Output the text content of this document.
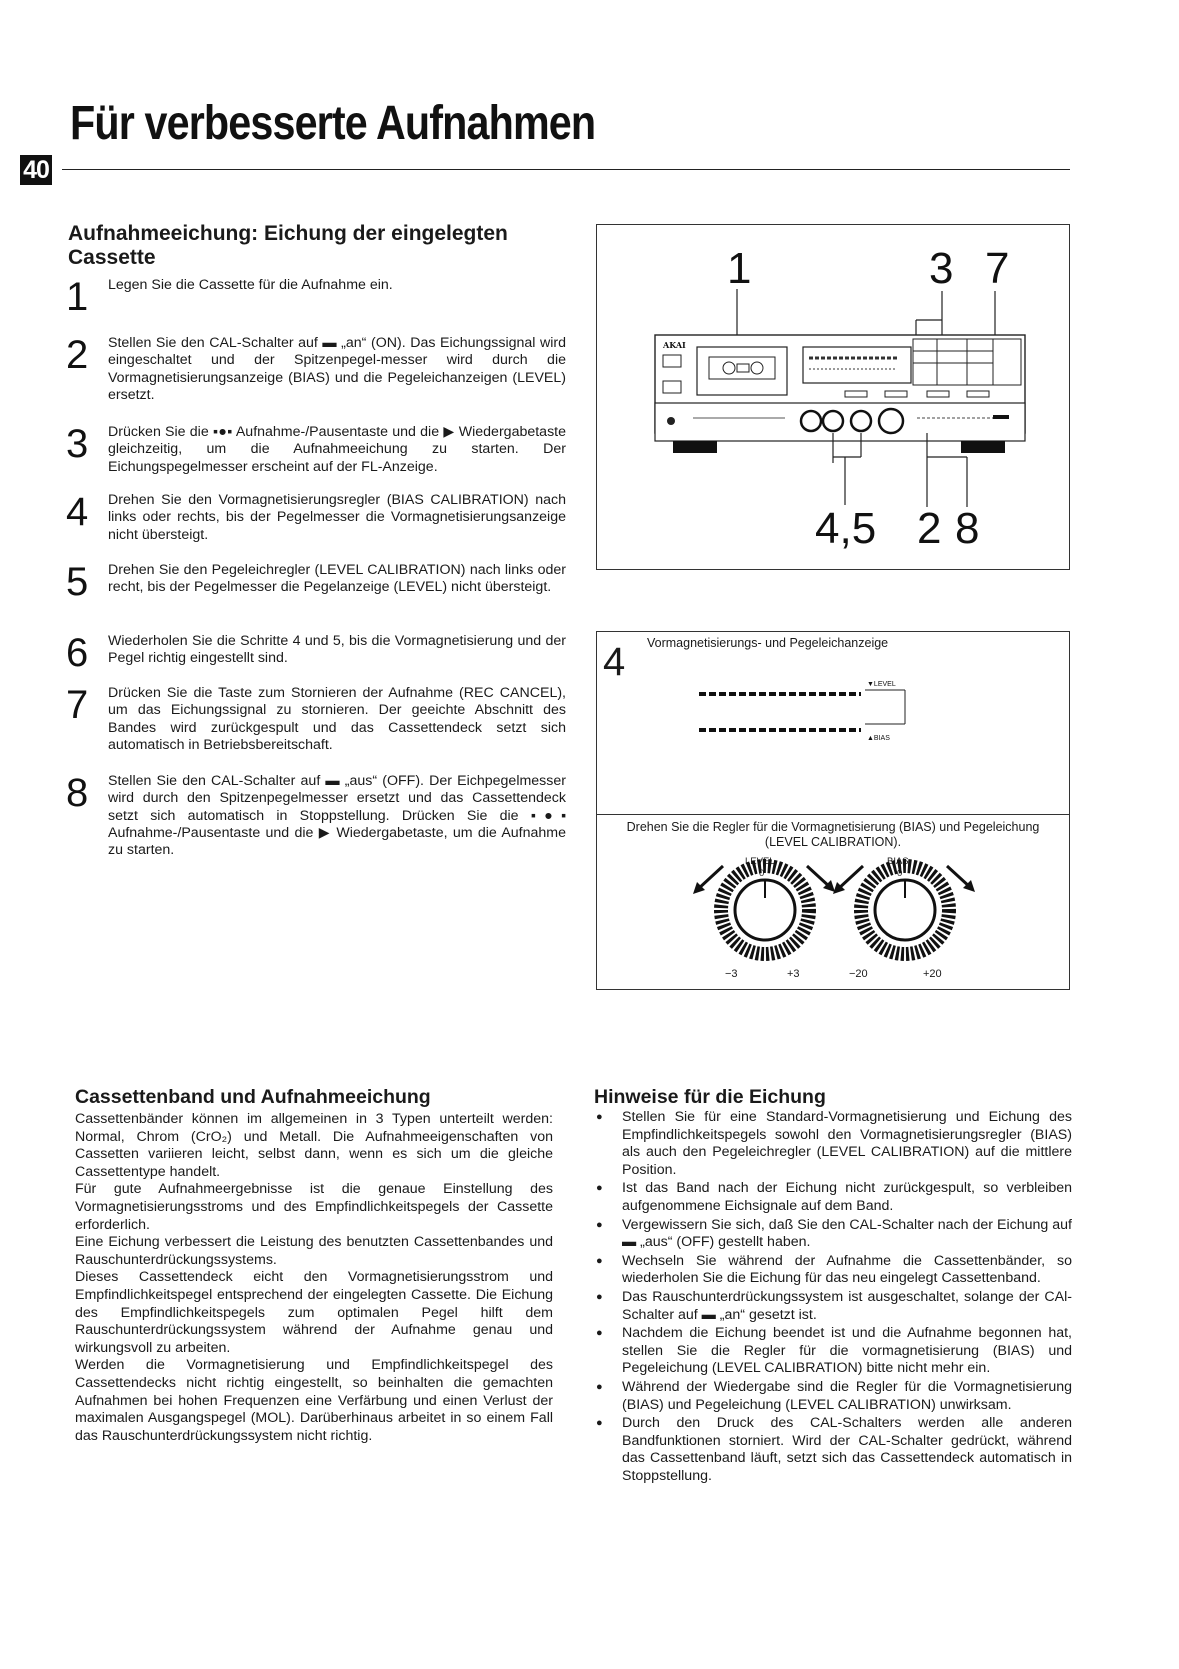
Für verbesserte Aufnahmen
40
Aufnahmeeichung: Eichung der eingelegten Cassette
1 Legen Sie die Cassette für die Aufnahme ein.
2 Stellen Sie den CAL-Schalter auf ▬ „an“ (ON). Das Eichungssignal wird eingeschaltet und der Spitzenpegel-messer wird durch die Vormagnetisierungsanzeige (BIAS) und die Pegeleichanzeigen (LEVEL) ersetzt.
3 Drücken Sie die ▪●▪ Aufnahme-/Pausentaste und die ▶ Wiedergabetaste gleichzeitig, um die Aufnahmeeichung zu starten. Der Eichungspegelmesser erscheint auf der FL-Anzeige.
4 Drehen Sie den Vormagnetisierungsregler (BIAS CALIBRATION) nach links oder rechts, bis der Pegelmesser die Vormagnetisierungsanzeige nicht übersteigt.
5 Drehen Sie den Pegeleichregler (LEVEL CALIBRATION) nach links oder recht, bis der Pegelmesser die Pegelanzeige (LEVEL) nicht übersteigt.
6 Wiederholen Sie die Schritte 4 und 5, bis die Vormagnetisierung und der Pegel richtig eingestellt sind.
7 Drücken Sie die Taste zum Stornieren der Aufnahme (REC CANCEL), um das Eichungssignal zu stornieren. Der geeichte Abschnitt des Bandes wird zurückgespult und das Cassettendeck setzt sich automatisch in Betriebsbereitschaft.
8 Stellen Sie den CAL-Schalter auf ▬ „aus“ (OFF). Der Eichpegelmesser wird durch den Spitzenpegelmesser ersetzt und das Cassettendeck setzt sich automatisch in Stoppstellung. Drücken Sie die ▪●▪ Aufnahme-/Pausentaste und die ▶ Wiedergabetaste, um die Aufnahme zu starten.
1	3 7
4,5 2 8
AKAI
4 Vormagnetisierungs- und Pegeleichanzeige
▼LEVEL
▲BIAS
Drehen Sie die Regler für die Vormagnetisierung (BIAS) und Pegeleichung (LEVEL CALIBRATION).
LEVEL	BIAS
0	0
−3	+3	−20	+20
Cassettenband und Aufnahmeeichung

Cassettenbänder können im allgemeinen in 3 Typen unterteilt werden: Normal, Chrom (CrO₂) und Metall. Die Aufnahmeeigenschaften von Cassetten variieren leicht, selbst dann, wenn es sich um die gleiche Cassettentype handelt.

Für gute Aufnahmeergebnisse ist die genaue Einstellung des Vormagnetisierungsstroms und des Empfindlichkeitspegels der Cassette erforderlich.

Eine Eichung verbessert die Leistung des benutzten Cassettenbandes und Rauschunterdrückungssystems.

Dieses Cassettendeck eicht den Vormagnetisierungsstrom und Empfindlichkeitspegel entsprechend der eingelegten Cassette. Die Eichung des Empfindlichkeitspegels zum optimalen Pegel hilft dem Rauschunterdrückungssystem während der Aufnahme genau und wirkungsvoll zu arbeiten.

Werden die Vormagnetisierung und Empfindlichkeitspegel des Cassettendecks nicht richtig eingestellt, so beinhalten die gemachten Aufnahmen bei hohen Frequenzen eine Verfärbung und einen Verlust der maximalen Ausgangspegel (MOL). Darüberhinaus arbeitet in so einem Fall das Rauschunterdrückungssystem nicht richtig.

Hinweise für die Eichung
● Stellen Sie für eine Standard-Vormagnetisierung und Eichung des Empfindlichkeitspegels sowohl den Vormagnetisierungsregler (BIAS) als auch den Pegeleichregler (LEVEL CALIBRATION) auf die mittlere Position.
● Ist das Band nach der Eichung nicht zurückgespult, so verbleiben aufgenommene Eichsignale auf dem Band.
● Vergewissern Sie sich, daß Sie den CAL-Schalter nach der Eichung auf ▬ „aus“ (OFF) gestellt haben.
● Wechseln Sie während der Aufnahme die Cassettenbänder, so wiederholen Sie die Eichung für das neu eingelegt Cassettenband.
● Das Rauschunterdrückungssystem ist ausgeschaltet, solange der CAl-Schalter auf ▬ „an“ gesetzt ist.
● Nachdem die Eichung beendet ist und die Aufnahme begonnen hat, stellen Sie die Regler für die vormagnetisierung (BIAS) und Pegeleichung (LEVEL CALIBRATION) bitte nicht mehr ein.
● Während der Wiedergabe sind die Regler für die Vormagnetisierung (BIAS) und Pegeleichung (LEVEL CALIBRATION) unwirksam.
● Durch den Druck des CAL-Schalters werden alle anderen Bandfunktionen storniert. Wird der CAL-Schalter gedrückt, während das Cassettenband läuft, setzt sich das Cassettendeck automatisch in Stoppstellung.
